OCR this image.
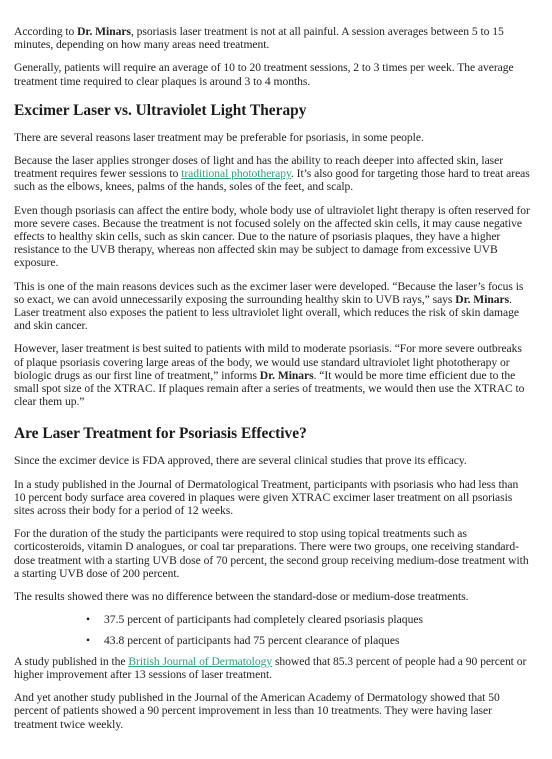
According to Dr. Minars, psoriasis laser treatment is not at all painful. A session averages between 5 to 15 minutes, depending on how many areas need treatment.

Generally, patients will require an average of 10 to 20 treatment sessions, 2 to 3 times per week. The average treatment time required to clear plaques is around 3 to 4 months.

Excimer Laser vs. Ultraviolet Light Therapy

There are several reasons laser treatment may be preferable for psoriasis, in some people.

Because the laser applies stronger doses of light and has the ability to reach deeper into affected skin, laser treatment requires fewer sessions to traditional phototherapy. It’s also good for targeting those hard to treat areas such as the elbows, knees, palms of the hands, soles of the feet, and scalp.

Even though psoriasis can affect the entire body, whole body use of ultraviolet light therapy is often reserved for more severe cases. Because the treatment is not focused solely on the affected skin cells, it may cause negative effects to healthy skin cells, such as skin cancer. Due to the nature of psoriasis plaques, they have a higher resistance to the UVB therapy, whereas non affected skin may be subject to damage from excessive UVB exposure.

This is one of the main reasons devices such as the excimer laser were developed. “Because the laser’s focus is so exact, we can avoid unnecessarily exposing the surrounding healthy skin to UVB rays,” says Dr. Minars. Laser treatment also exposes the patient to less ultraviolet light overall, which reduces the risk of skin damage and skin cancer.

However, laser treatment is best suited to patients with mild to moderate psoriasis. “For more severe outbreaks of plaque psoriasis covering large areas of the body, we would use standard ultraviolet light phototherapy or biologic drugs as our first line of treatment,” informs Dr. Minars. “It would be more time efficient due to the small spot size of the XTRAC. If plaques remain after a series of treatments, we would then use the XTRAC to clear them up.”

Are Laser Treatment for Psoriasis Effective?

Since the excimer device is FDA approved, there are several clinical studies that prove its efficacy.

In a study published in the Journal of Dermatological Treatment, participants with psoriasis who had less than 10 percent body surface area covered in plaques were given XTRAC excimer laser treatment on all psoriasis sites across their body for a period of 12 weeks.

For the duration of the study the participants were required to stop using topical treatments such as corticosteroids, vitamin D analogues, or coal tar preparations. There were two groups, one receiving standard-dose treatment with a starting UVB dose of 70 percent, the second group receiving medium-dose treatment with a starting UVB dose of 200 percent.

The results showed there was no difference between the standard-dose or medium-dose treatments.

• 37.5 percent of participants had completely cleared psoriasis plaques
• 43.8 percent of participants had 75 percent clearance of plaques

A study published in the British Journal of Dermatology showed that 85.3 percent of people had a 90 percent or higher improvement after 13 sessions of laser treatment.

And yet another study published in the Journal of the American Academy of Dermatology showed that 50 percent of patients showed a 90 percent improvement in less than 10 treatments. They were having laser treatment twice weekly.
